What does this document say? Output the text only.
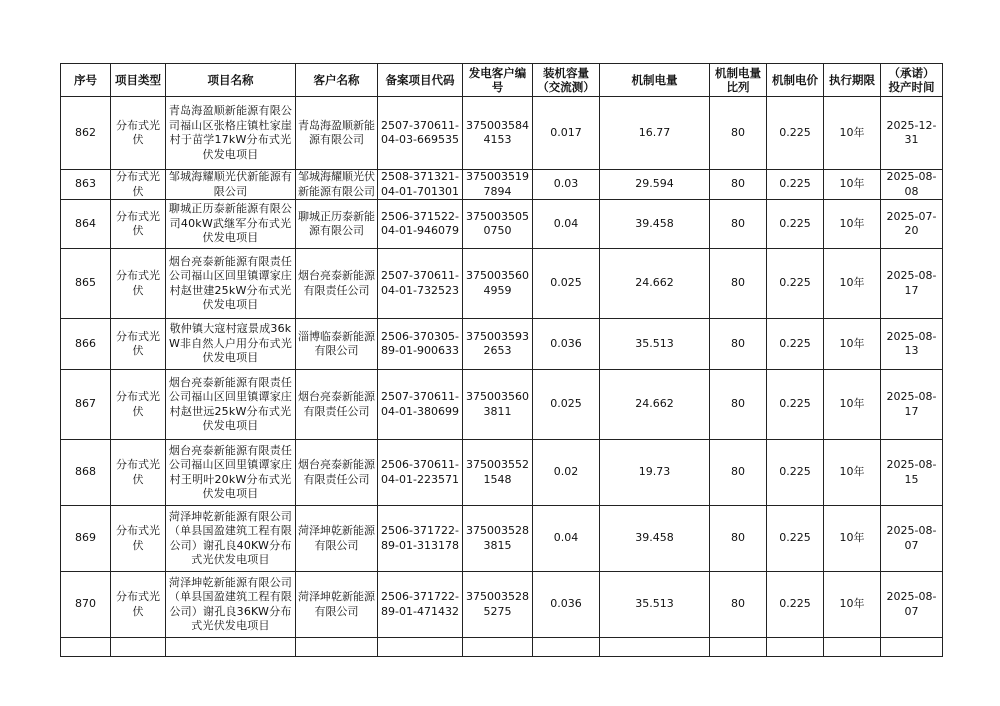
序号	项目类型	项目名称	客户名称	备案项目代码	发电客户编号	装机容量（交流测）	机制电量	机制电量比列	机制电价	执行期限	（承诺）投产时间
862	分布式光伏	青岛海盈顺新能源有限公司福山区张格庄镇杜家崖村于苗学17kW分布式光伏发电项目	青岛海盈顺新能源有限公司	2507-370611-04-03-669535	3750035844153	0.017	16.77	80	0.225	10年	2025-12-31
863	分布式光伏	邹城海耀顺光伏新能源有限公司	邹城海耀顺光伏新能源有限公司	2508-371321-04-01-701301	3750035197894	0.03	29.594	80	0.225	10年	2025-08-08
864	分布式光伏	聊城正历泰新能源有限公司40kW武继军分布式光伏发电项目	聊城正历泰新能源有限公司	2506-371522-04-01-946079	3750035050750	0.04	39.458	80	0.225	10年	2025-07-20
865	分布式光伏	烟台亮泰新能源有限责任公司福山区回里镇谭家庄村赵世建25kW分布式光伏发电项目	烟台亮泰新能源有限责任公司	2507-370611-04-01-732523	3750035604959	0.025	24.662	80	0.225	10年	2025-08-17
866	分布式光伏	敬仲镇大寇村寇景成36kW非自然人户用分布式光伏发电项目	淄博临泰新能源有限公司	2506-370305-89-01-900633	3750035932653	0.036	35.513	80	0.225	10年	2025-08-13
867	分布式光伏	烟台亮泰新能源有限责任公司福山区回里镇谭家庄村赵世远25kW分布式光伏发电项目	烟台亮泰新能源有限责任公司	2507-370611-04-01-380699	3750035603811	0.025	24.662	80	0.225	10年	2025-08-17
868	分布式光伏	烟台亮泰新能源有限责任公司福山区回里镇谭家庄村王明叶20kW分布式光伏发电项目	烟台亮泰新能源有限责任公司	2506-370611-04-01-223571	3750035521548	0.02	19.73	80	0.225	10年	2025-08-15
869	分布式光伏	菏泽坤乾新能源有限公司（单县国盈建筑工程有限公司）谢孔良40KW分布式光伏发电项目	菏泽坤乾新能源有限公司	2506-371722-89-01-313178	3750035283815	0.04	39.458	80	0.225	10年	2025-08-07
870	分布式光伏	菏泽坤乾新能源有限公司（单县国盈建筑工程有限公司）谢孔良36KW分布式光伏发电项目	菏泽坤乾新能源有限公司	2506-371722-89-01-471432	3750035285275	0.036	35.513	80	0.225	10年	2025-08-07
